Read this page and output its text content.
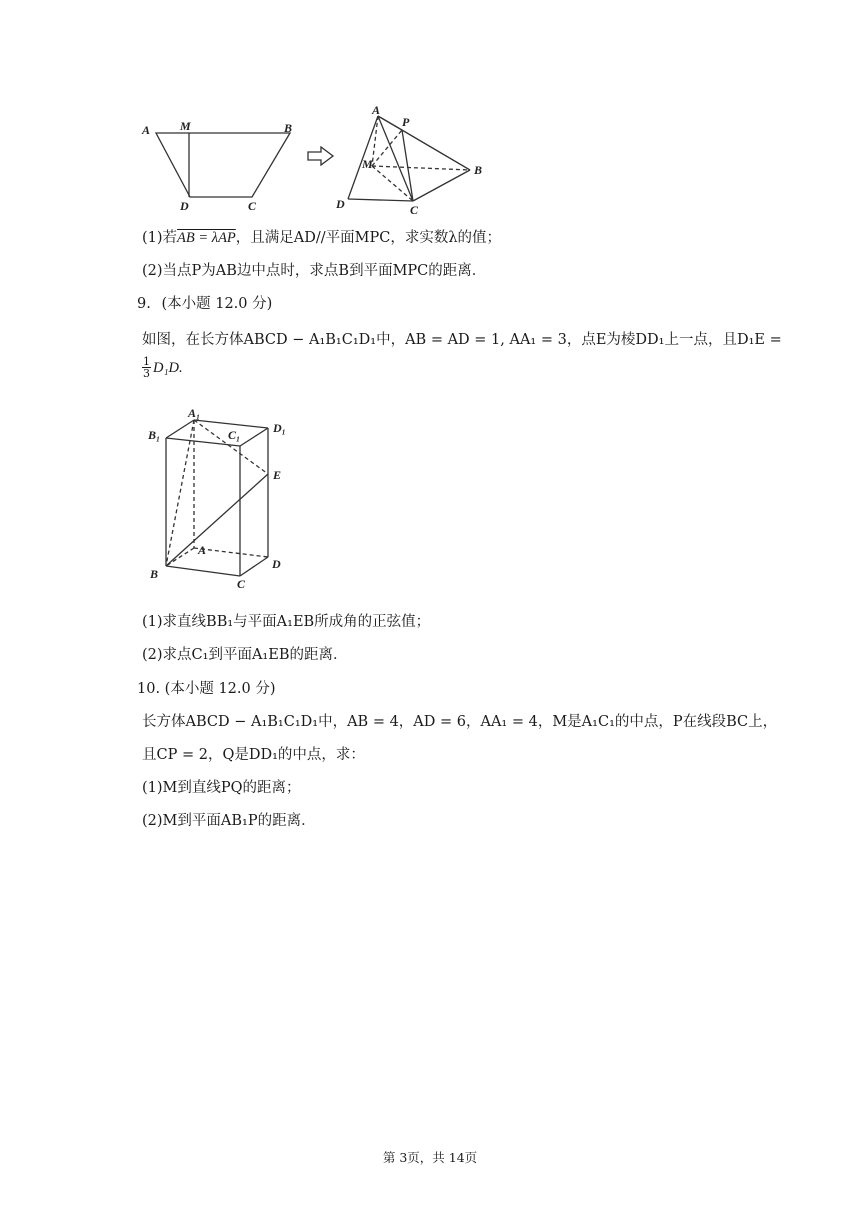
A M	B
D	C
A
P
M	B
D	C
(1)若AB = λAP，且满足AD//平面MPC，求实数λ的值；
(2)当点P为AB边中点时，求点B到平面MPC的距离．
9. (本小题 12.0 分)
如图，在长方体ABCD − A₁B₁C₁D₁中，AB = AD = 1, AA₁ = 3，点E为棱DD₁上一点，且D₁E =
$\frac{1}{3} D_1D$.
A₁
B₁	C₁	D₁
E
A
B
C
D
(1)求直线BB₁与平面A₁EB所成角的正弦值；
(2)求点C₁到平面A₁EB的距离．
10. (本小题 12.0 分)
长方体ABCD − A₁B₁C₁D₁中，AB = 4，AD = 6，AA₁ = 4，M是A₁C₁的中点，P在线段BC上，
且CP = 2，Q是DD₁的中点，求：
(1)M到直线PQ的距离；
(2)M到平面AB₁P的距离．
第 3页，共 14页
